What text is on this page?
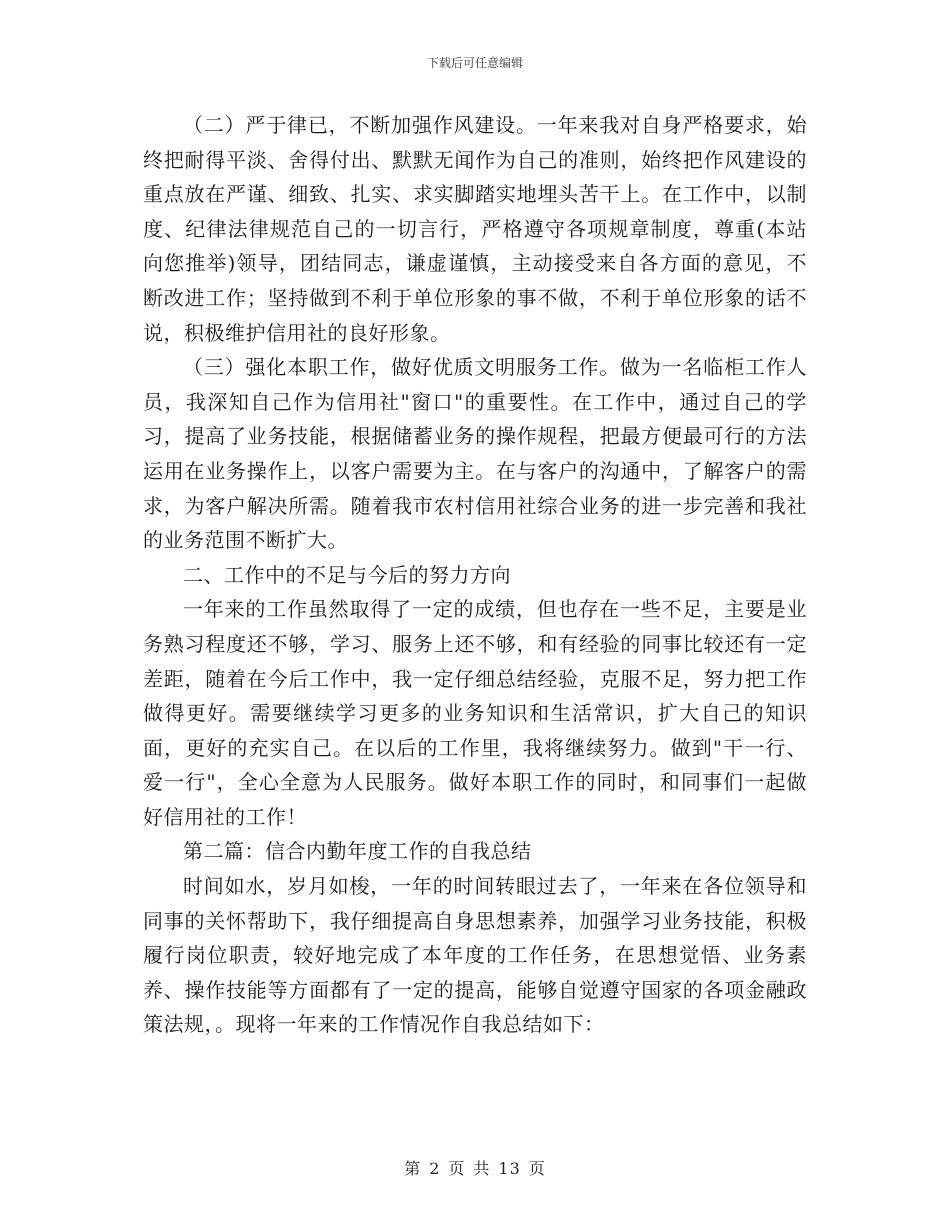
下载后可任意编辑

（二）严于律已，不断加强作风建设。一年来我对自身严格要求，始终把耐得平淡、舍得付出、默默无闻作为自己的准则，始终把作风建设的重点放在严谨、细致、扎实、求实脚踏实地埋头苦干上。在工作中，以制度、纪律法律规范自己的一切言行，严格遵守各项规章制度，尊重(本站向您推举)领导，团结同志，谦虚谨慎，主动接受来自各方面的意见，不断改进工作；坚持做到不利于单位形象的事不做，不利于单位形象的话不说，积极维护信用社的良好形象。

（三）强化本职工作，做好优质文明服务工作。做为一名临柜工作人员，我深知自己作为信用社"窗口"的重要性。在工作中，通过自己的学习，提高了业务技能，根据储蓄业务的操作规程，把最方便最可行的方法运用在业务操作上，以客户需要为主。在与客户的沟通中，了解客户的需求，为客户解决所需。随着我市农村信用社综合业务的进一步完善和我社的业务范围不断扩大。

二、工作中的不足与今后的努力方向

一年来的工作虽然取得了一定的成绩，但也存在一些不足，主要是业务熟习程度还不够，学习、服务上还不够，和有经验的同事比较还有一定差距，随着在今后工作中，我一定仔细总结经验，克服不足，努力把工作做得更好。需要继续学习更多的业务知识和生活常识，扩大自己的知识面，更好的充实自己。在以后的工作里，我将继续努力。做到"干一行、爱一行"，全心全意为人民服务。做好本职工作的同时，和同事们一起做好信用社的工作！

第二篇：信合内勤年度工作的自我总结

时间如水，岁月如梭，一年的时间转眼过去了，一年来在各位领导和同事的关怀帮助下，我仔细提高自身思想素养，加强学习业务技能，积极履行岗位职责，较好地完成了本年度的工作任务，在思想觉悟、业务素养、操作技能等方面都有了一定的提高，能够自觉遵守国家的各项金融政策法规，。现将一年来的工作情况作自我总结如下：

第 2 页 共 13 页
